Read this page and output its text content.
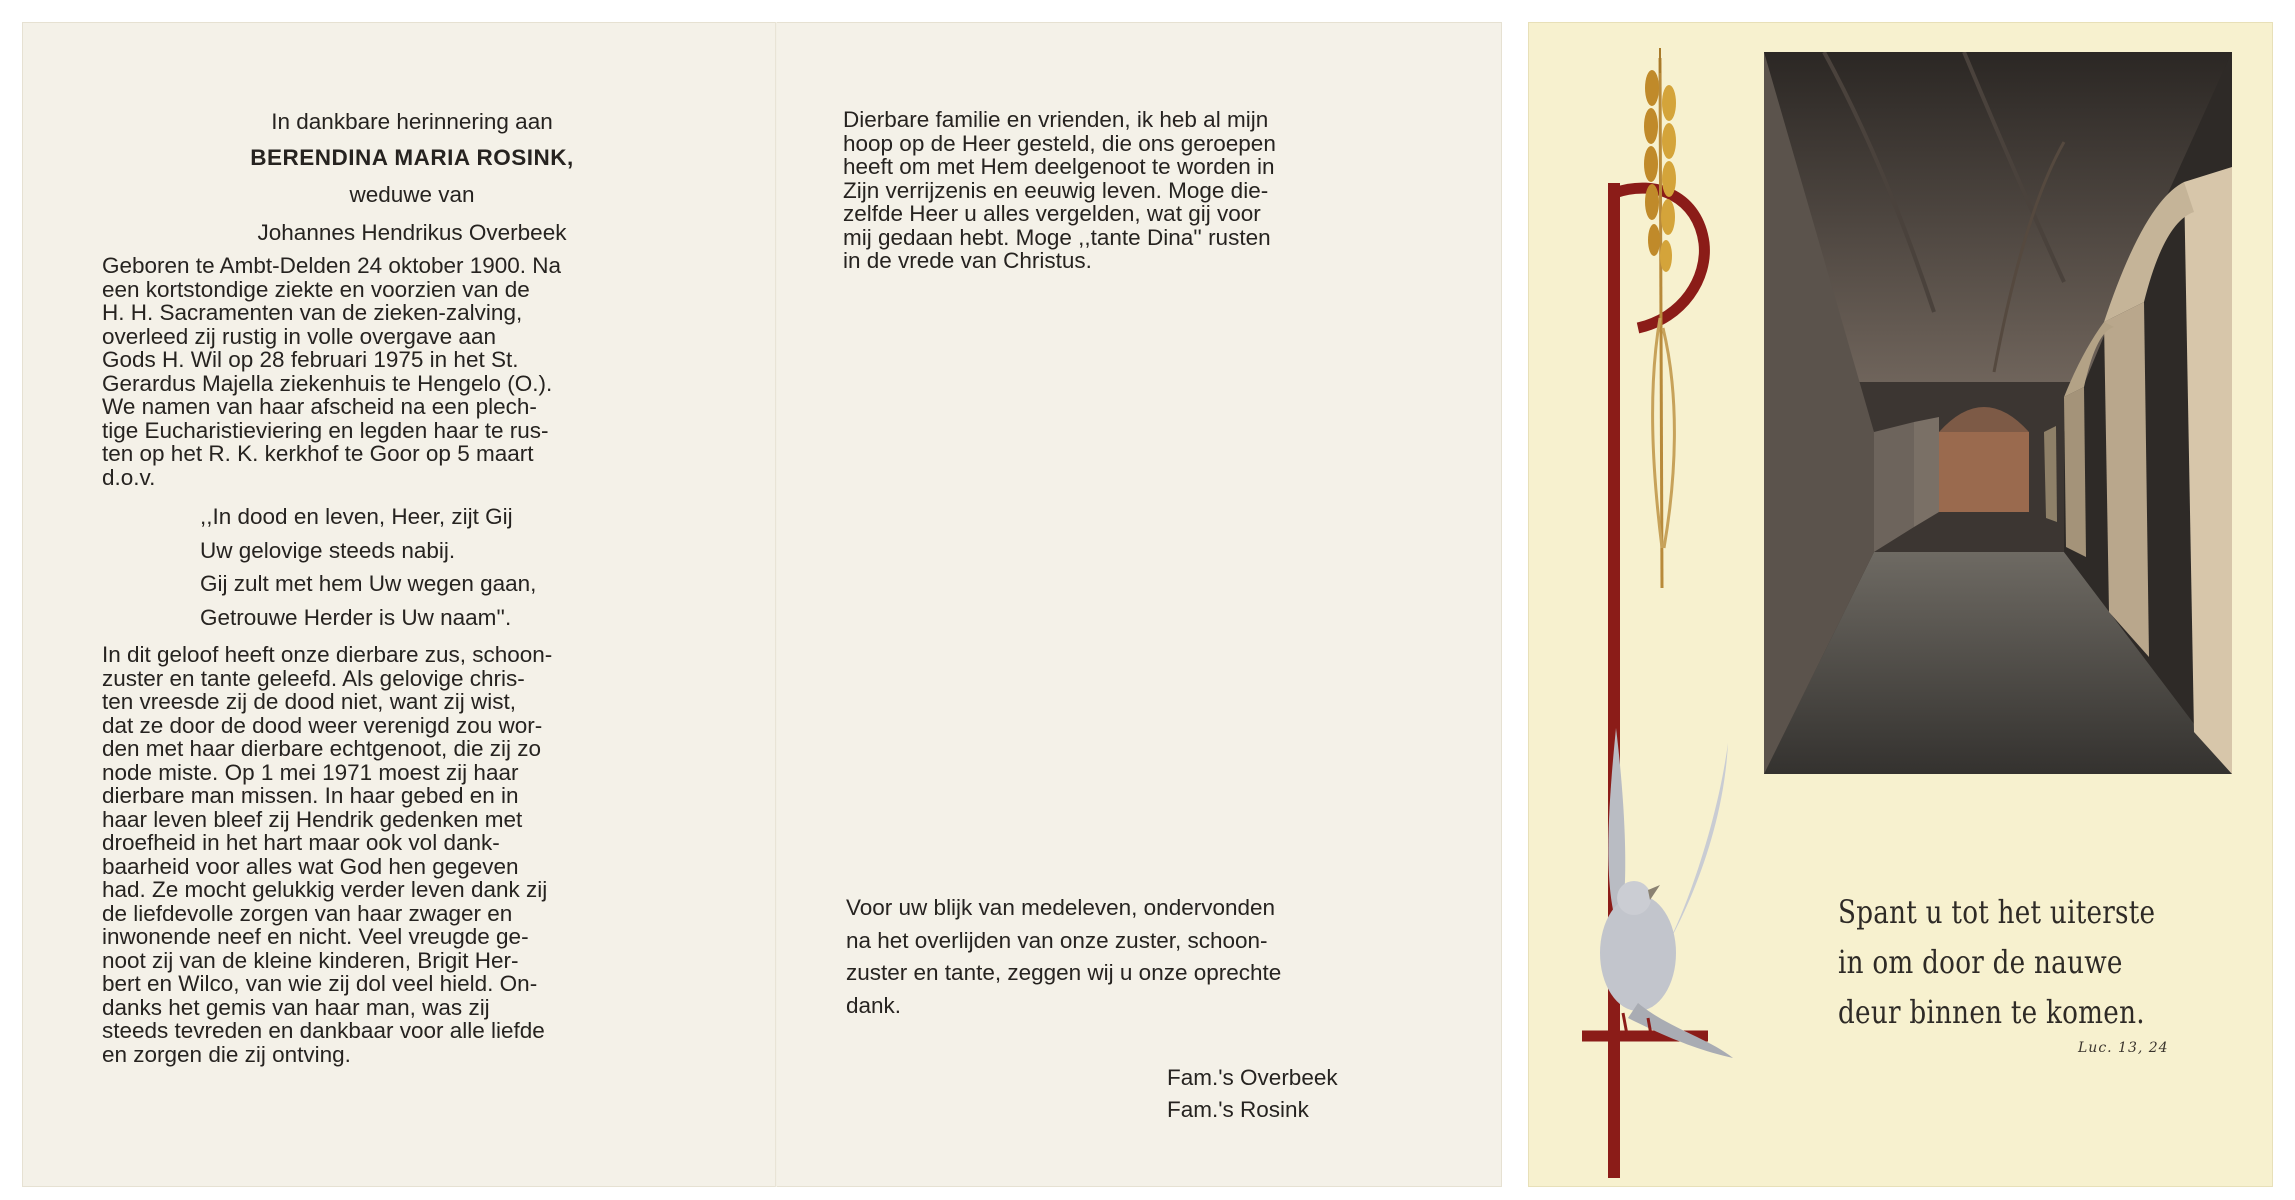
In dankbare herinnering aan

BERENDINA MARIA ROSINK,

weduwe van

Johannes Hendrikus Overbeek

Geboren te Ambt-Delden 24 oktober 1900. Na

een kortstondige ziekte en voorzien van de

H. H. Sacramenten van de zieken-zalving,

overleed zij rustig in volle overgave aan

Gods H. Wil op 28 februari 1975 in het St.

Gerardus Majella ziekenhuis te Hengelo (O.).

We namen van haar afscheid na een plech-

tige Eucharistieviering en legden haar te rus-

ten op het R. K. kerkhof te Goor op 5 maart

d.o.v.

,,In dood en leven, Heer, zijt Gij

Uw gelovige steeds nabij.

Gij zult met hem Uw wegen gaan,

Getrouwe Herder is Uw naam''.

In dit geloof heeft onze dierbare zus, schoon-

zuster en tante geleefd. Als gelovige chris-

ten vreesde zij de dood niet, want zij wist,

dat ze door de dood weer verenigd zou wor-

den met haar dierbare echtgenoot, die zij zo

node miste. Op 1 mei 1971 moest zij haar

dierbare man missen. In haar gebed en in

haar leven bleef zij Hendrik gedenken met

droefheid in het hart maar ook vol dank-

baarheid voor alles wat God hen gegeven

had. Ze mocht gelukkig verder leven dank zij

de liefdevolle zorgen van haar zwager en

inwonende neef en nicht. Veel vreugde ge-

noot zij van de kleine kinderen, Brigit Her-

bert en Wilco, van wie zij dol veel hield. On-

danks het gemis van haar man, was zij

steeds tevreden en dankbaar voor alle liefde

en zorgen die zij ontving.

Dierbare familie en vrienden, ik heb al mijn

hoop op de Heer gesteld, die ons geroepen

heeft om met Hem deelgenoot te worden in

Zijn verrijzenis en eeuwig leven. Moge die-

zelfde Heer u alles vergelden, wat gij voor

mij gedaan hebt. Moge ,,tante Dina'' rusten

in de vrede van Christus.

Voor uw blijk van medeleven, ondervonden

na het overlijden van onze zuster, schoon-

zuster en tante, zeggen wij u onze oprechte

dank.

Fam.'s Overbeek

Fam.'s Rosink

Spant u tot het uiterste

in om door de nauwe

deur binnen te komen.

Luc. 13, 24
